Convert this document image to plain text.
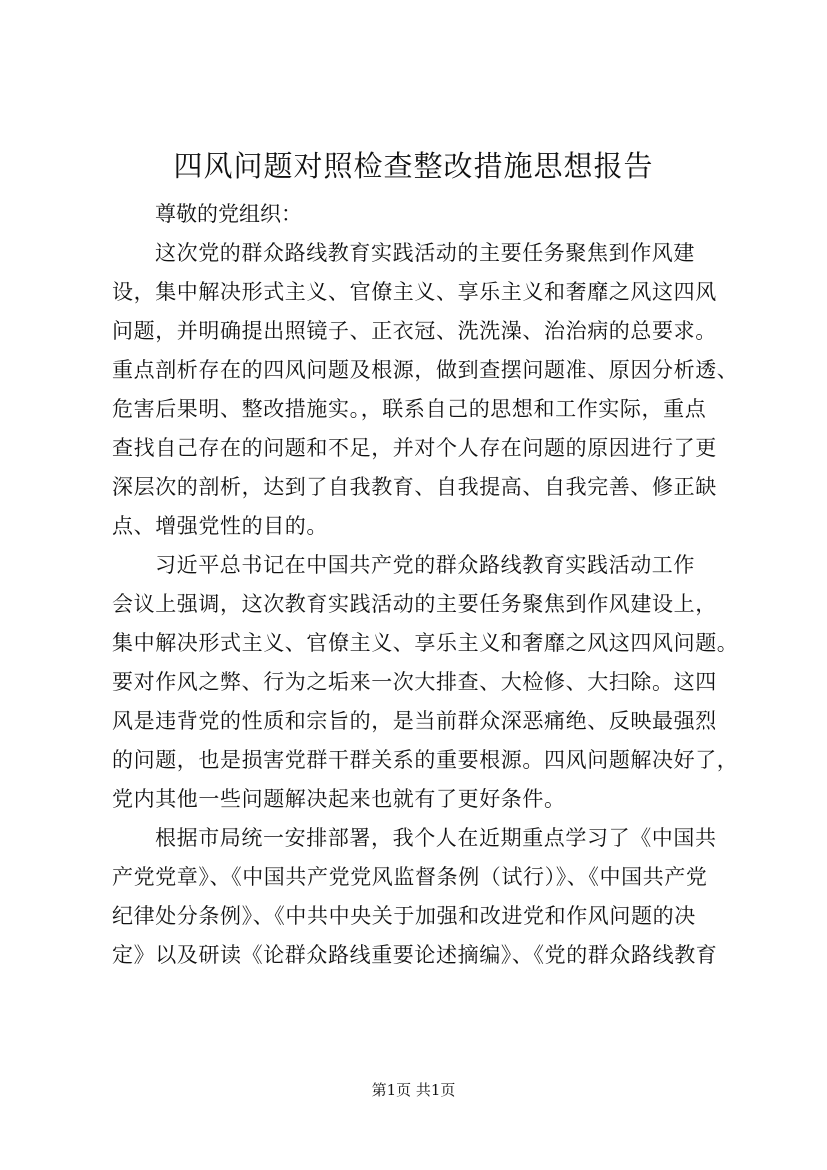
四风问题对照检查整改措施思想报告

尊敬的党组织：

这次党的群众路线教育实践活动的主要任务聚焦到作风建
设，集中解决形式主义、官僚主义、享乐主义和奢靡之风这四风
问题，并明确提出照镜子、正衣冠、洗洗澡、治治病的总要求。
重点剖析存在的四风问题及根源，做到查摆问题准、原因分析透、
危害后果明、整改措施实。，联系自己的思想和工作实际，重点
查找自己存在的问题和不足，并对个人存在问题的原因进行了更
深层次的剖析，达到了自我教育、自我提高、自我完善、修正缺
点、增强党性的目的。

习近平总书记在中国共产党的群众路线教育实践活动工作
会议上强调，这次教育实践活动的主要任务聚焦到作风建设上，
集中解决形式主义、官僚主义、享乐主义和奢靡之风这四风问题。
要对作风之弊、行为之垢来一次大排查、大检修、大扫除。这四
风是违背党的性质和宗旨的，是当前群众深恶痛绝、反映最强烈
的问题，也是损害党群干群关系的重要根源。四风问题解决好了，
党内其他一些问题解决起来也就有了更好条件。

根据市局统一安排部署，我个人在近期重点学习了《中国共
产党党章》、《中国共产党党风监督条例（试行）》、《中国共产党
纪律处分条例》、《中共中央关于加强和改进党和作风问题的决
定》以及研读《论群众路线重要论述摘编》、《党的群众路线教育

第1页 共1页
